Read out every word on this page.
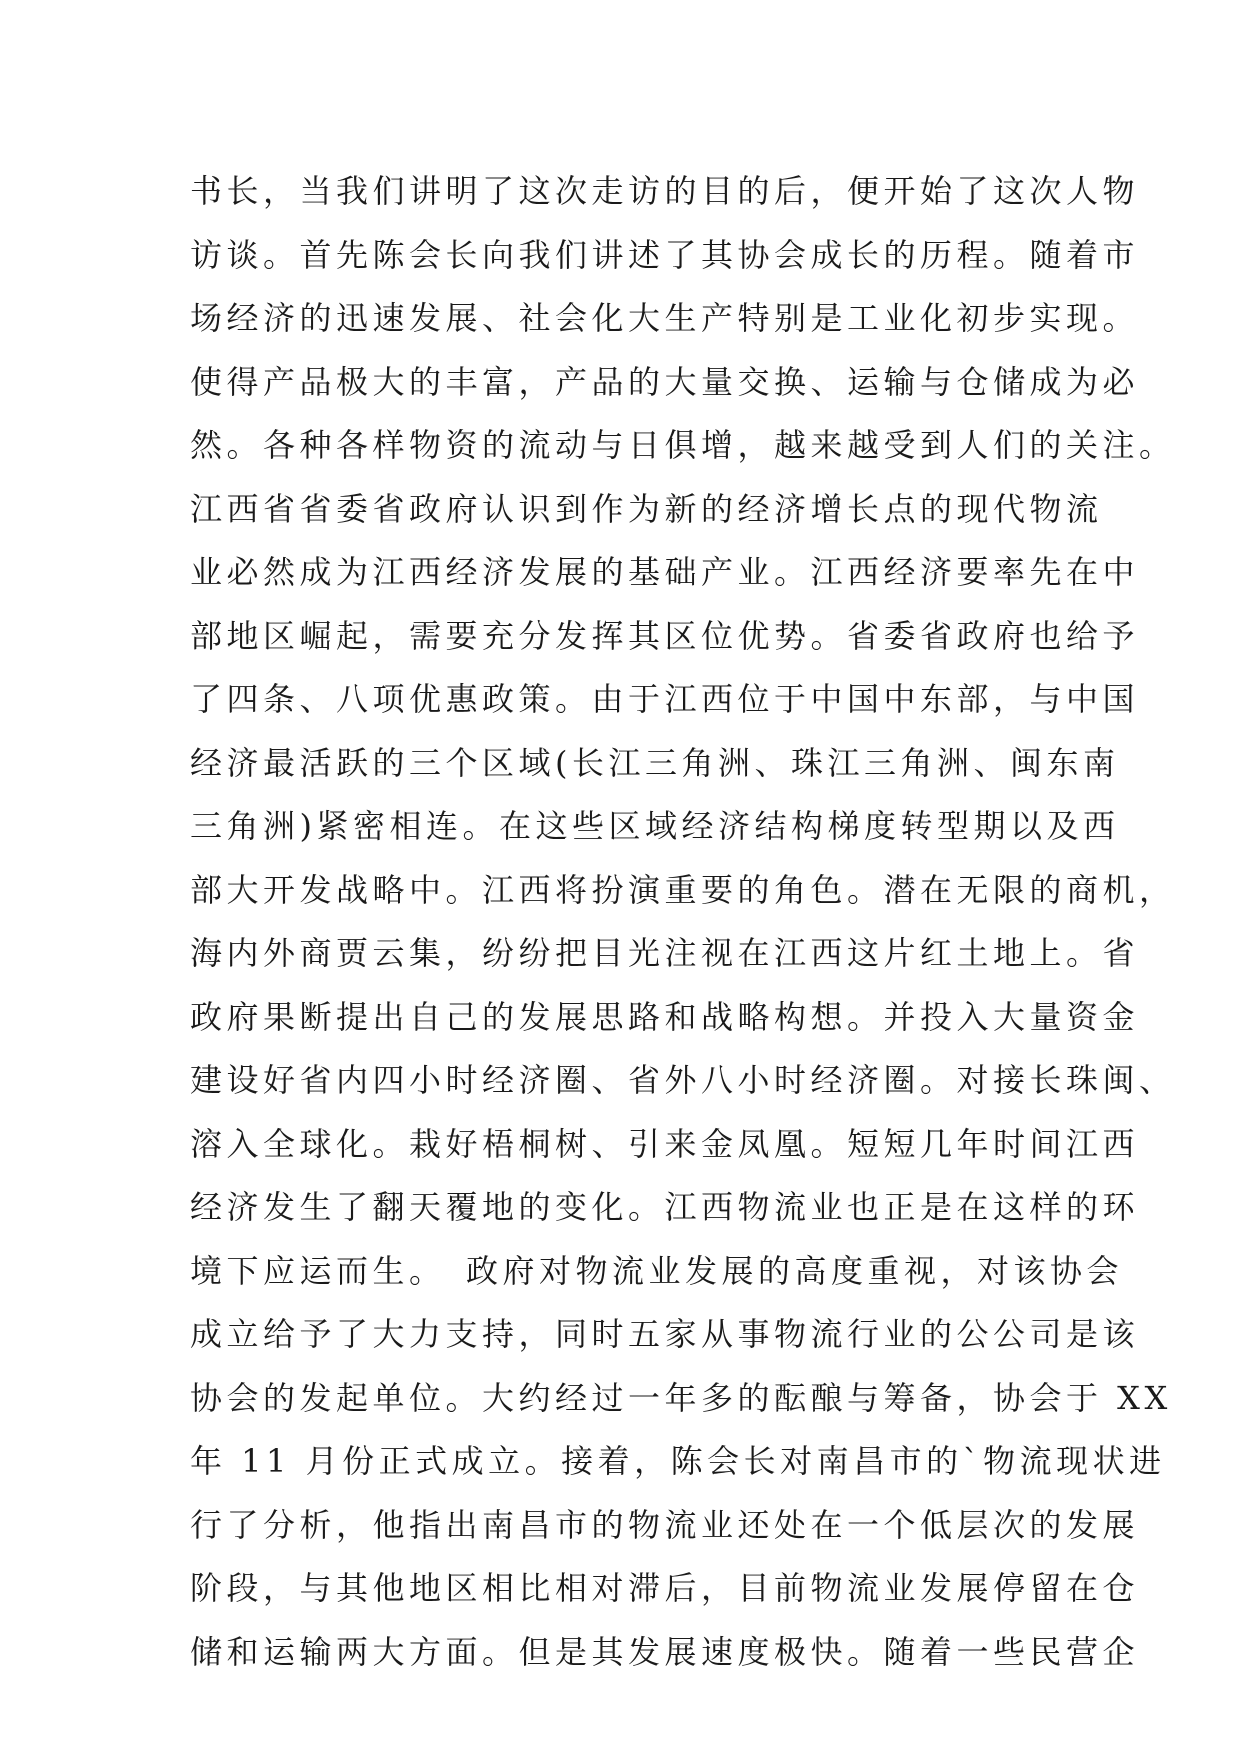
书长，当我们讲明了这次走访的目的后，便开始了这次人物
访谈。首先陈会长向我们讲述了其协会成长的历程。随着市
场经济的迅速发展、社会化大生产特别是工业化初步实现。
使得产品极大的丰富，产品的大量交换、运输与仓储成为必
然。各种各样物资的流动与日俱增，越来越受到人们的关注。
江西省省委省政府认识到作为新的经济增长点的现代物流
业必然成为江西经济发展的基础产业。江西经济要率先在中
部地区崛起，需要充分发挥其区位优势。省委省政府也给予
了四条、八项优惠政策。由于江西位于中国中东部，与中国
经济最活跃的三个区域(长江三角洲、珠江三角洲、闽东南
三角洲)紧密相连。在这些区域经济结构梯度转型期以及西
部大开发战略中。江西将扮演重要的角色。潜在无限的商机，
海内外商贾云集，纷纷把目光注视在江西这片红土地上。省
政府果断提出自己的发展思路和战略构想。并投入大量资金
建设好省内四小时经济圈、省外八小时经济圈。对接长珠闽、
溶入全球化。栽好梧桐树、引来金凤凰。短短几年时间江西
经济发生了翻天覆地的变化。江西物流业也正是在这样的环
境下应运而生。　政府对物流业发展的高度重视，对该协会
成立给予了大力支持，同时五家从事物流行业的公公司是该
协会的发起单位。大约经过一年多的酝酿与筹备，协会于 XX
年 11 月份正式成立。接着，陈会长对南昌市的`物流现状进
行了分析，他指出南昌市的物流业还处在一个低层次的发展
阶段，与其他地区相比相对滞后，目前物流业发展停留在仓
储和运输两大方面。但是其发展速度极快。随着一些民营企
